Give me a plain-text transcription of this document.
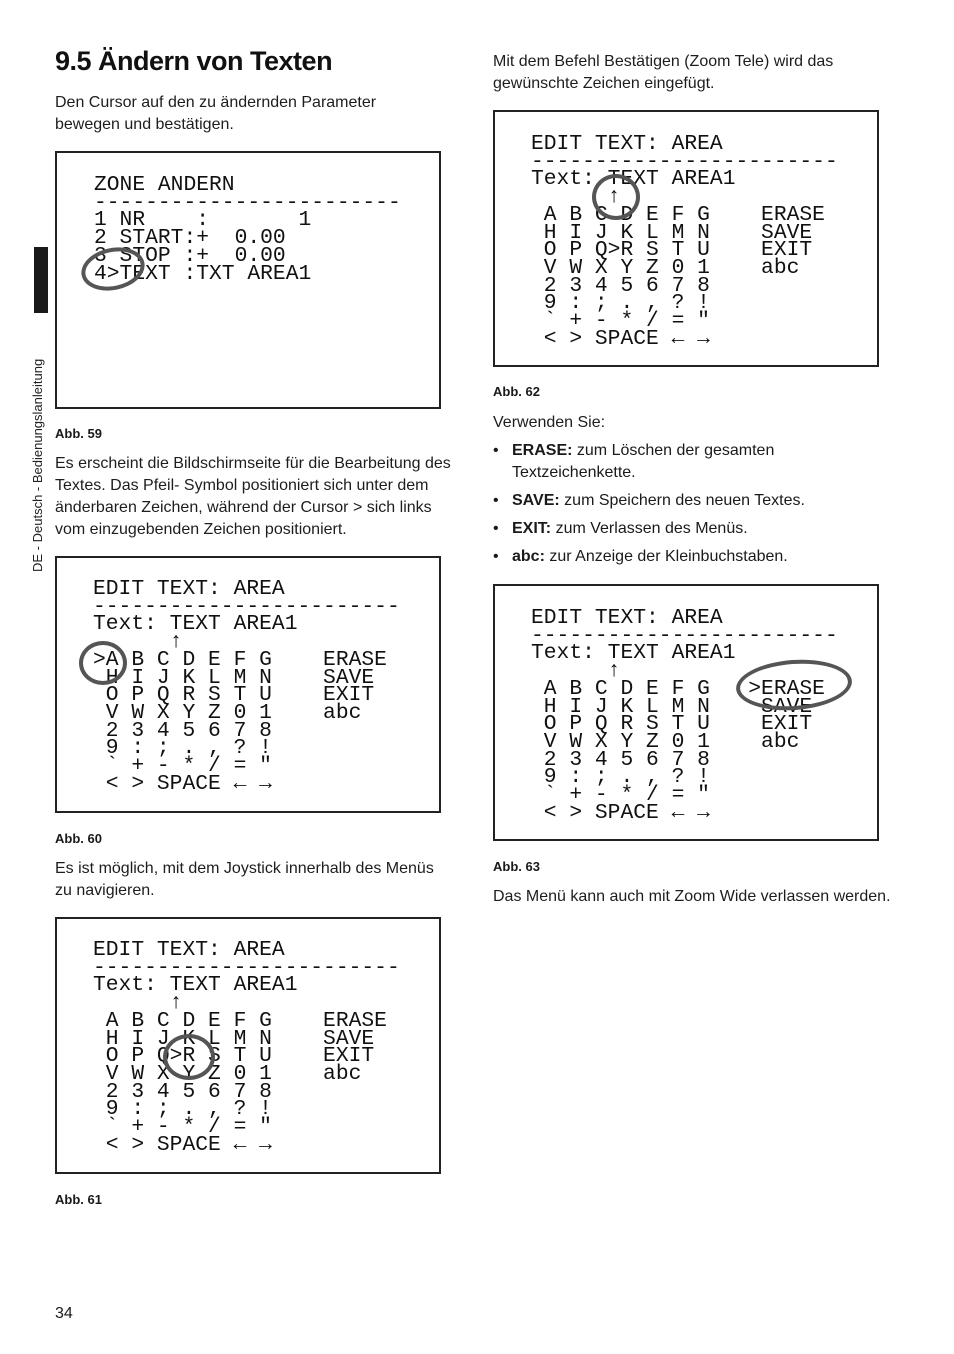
DE - Deutsch - Bedienungslanleitung
9.5 Ändern von Texten
Den Cursor auf den zu ändernden Parameter bewegen und bestätigen.
ZONE ANDERN
------------------------
1 NR    :       1
2 START:+  0.00
3 STOP :+  0.00
4>TEXT :TXT AREA1
Abb. 59
Es erscheint die Bildschirmseite für die Bearbeitung des Textes. Das Pfeil- Symbol positioniert sich unter dem änderbaren Zeichen, während der Cursor > sich links vom einzugebenden Zeichen positioniert.
EDIT TEXT: AREA
------------------------
Text: TEXT AREA1
↑
>A B C D E F G    ERASE
H I J K L M N    SAVE
O P Q R S T U    EXIT
V W X Y Z 0 1    abc
2 3 4 5 6 7 8
9 : ; . , ? !
` + - * / = "
< > SPACE ← →
Abb. 60
Es ist möglich, mit dem Joystick innerhalb des Menüs zu navigieren.
EDIT TEXT: AREA
------------------------
Text: TEXT AREA1
↑
A B C D E F G    ERASE
H I J K L M N    SAVE
O P Q>R S T U    EXIT
V W X Y Z 0 1    abc
2 3 4 5 6 7 8
9 : ; . , ? !
` + - * / = "
< > SPACE ← →
Abb. 61
34
Mit dem Befehl Bestätigen (Zoom Tele) wird das gewünschte Zeichen eingefügt.
EDIT TEXT: AREA
------------------------
Text: TEXT AREA1
↑
A B C D E F G    ERASE
H I J K L M N    SAVE
O P Q>R S T U    EXIT
V W X Y Z 0 1    abc
2 3 4 5 6 7 8
9 : ; . , ? !
` + - * / = "
< > SPACE ← →
Abb. 62
Verwenden Sie:
• ERASE: zum Löschen der gesamten Textzeichenkette.
• SAVE: zum Speichern des neuen Textes.
• EXIT: zum Verlassen des Menüs.
• abc: zur Anzeige der Kleinbuchstaben.
EDIT TEXT: AREA
------------------------
Text: TEXT AREA1
↑
A B C D E F G   >ERASE
H I J K L M N    SAVE
O P Q R S T U    EXIT
V W X Y Z 0 1    abc
2 3 4 5 6 7 8
9 : ; . , ? !
` + - * / = "
< > SPACE ← →
Abb. 63
Das Menü kann auch mit Zoom Wide verlassen werden.
